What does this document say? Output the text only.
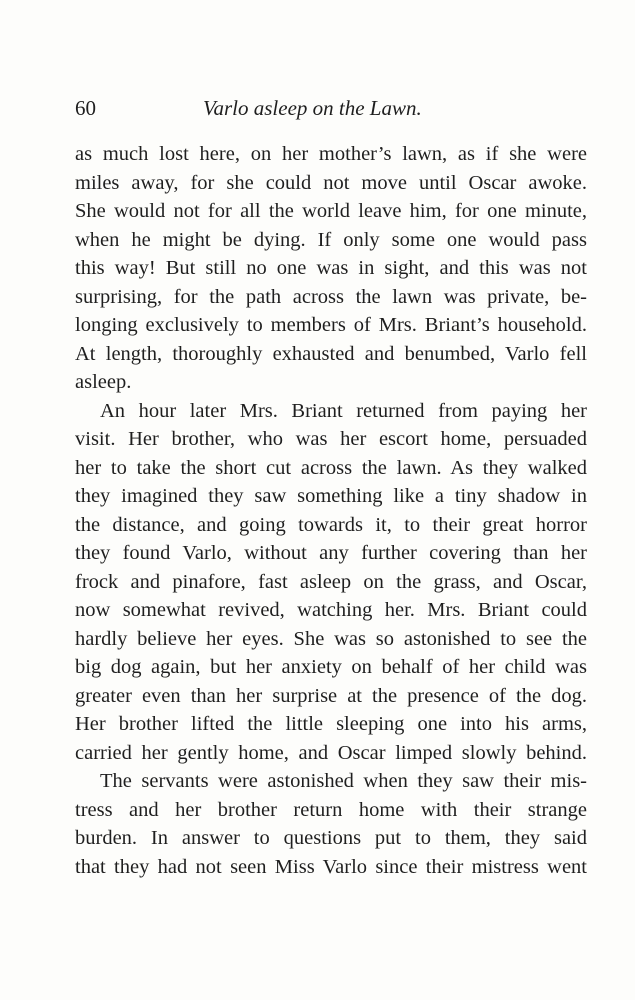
60	Varlo asleep on the Lawn.
as much lost here, on her mother’s lawn, as if she were
miles away, for she could not move until Oscar awoke.
She would not for all the world leave him, for one minute,
when he might be dying. If only some one would pass
this way! But still no one was in sight, and this was not
surprising, for the path across the lawn was private, be-
longing exclusively to members of Mrs. Briant’s household.
At length, thoroughly exhausted and benumbed, Varlo fell
asleep.
An hour later Mrs. Briant returned from paying her
visit. Her brother, who was her escort home, persuaded
her to take the short cut across the lawn. As they walked
they imagined they saw something like a tiny shadow in
the distance, and going towards it, to their great horror
they found Varlo, without any further covering than her
frock and pinafore, fast asleep on the grass, and Oscar,
now somewhat revived, watching her. Mrs. Briant could
hardly believe her eyes. She was so astonished to see the
big dog again, but her anxiety on behalf of her child was
greater even than her surprise at the presence of the dog.
Her brother lifted the little sleeping one into his arms,
carried her gently home, and Oscar limped slowly behind.
The servants were astonished when they saw their mis-
tress and her brother return home with their strange
burden. In answer to questions put to them, they said
that they had not seen Miss Varlo since their mistress went
